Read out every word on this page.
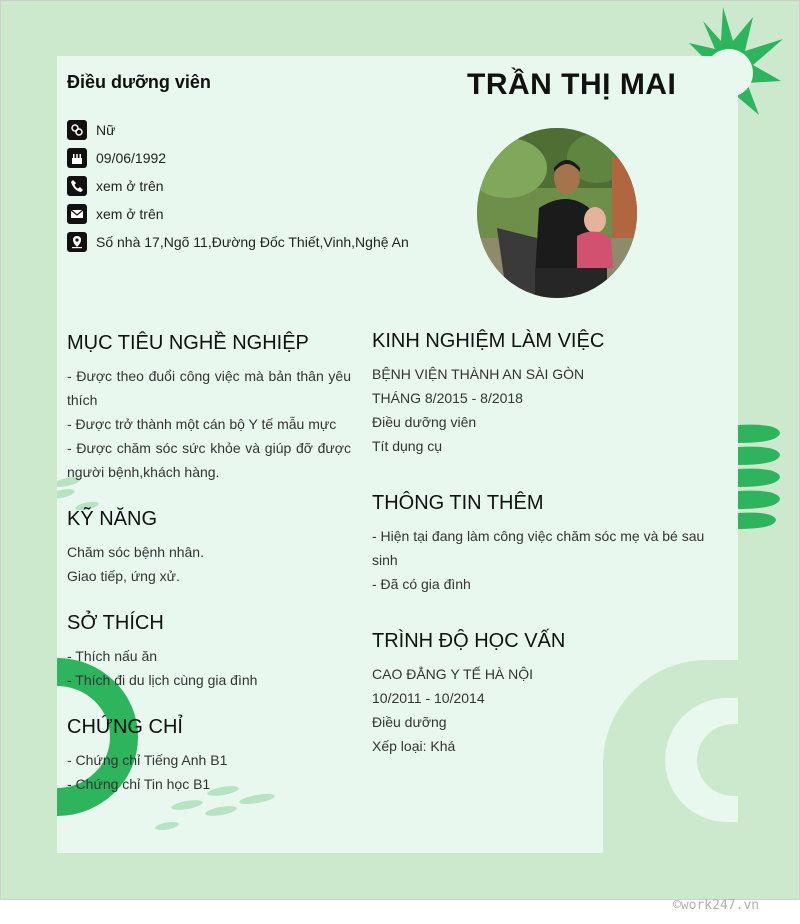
Điều dưỡng viên	TRẦN THỊ MAI
Nữ
09/06/1992
xem ở trên
xem ở trên
Số nhà 17,Ngõ 11,Đường Đốc Thiết,Vinh,Nghệ An
MỤC TIÊU NGHỀ NGHIỆP
- Được theo đuổi công việc mà bản thân yêu thích
- Được trở thành một cán bộ Y tế mẫu mực
- Được chăm sóc sức khỏe và giúp đỡ được người bệnh,khách hàng.
KỸ NĂNG
Chăm sóc bệnh nhân.
Giao tiếp, ứng xử.
SỞ THÍCH
- Thích nấu ăn
- Thích đi du lịch cùng gia đình
CHỨNG CHỈ
- Chứng chỉ Tiếng Anh B1
- Chứng chỉ Tin học B1
KINH NGHIỆM LÀM VIỆC
BỆNH VIỆN THÀNH AN SÀI GÒN
THÁNG 8/2015 - 8/2018
Điều dưỡng viên
Tít dụng cụ
THÔNG TIN THÊM
- Hiện tại đang làm công việc chăm sóc mẹ và bé sau sinh
- Đã có gia đình
TRÌNH ĐỘ HỌC VẤN
CAO ĐẲNG Y TẾ HÀ NỘI
10/2011 - 10/2014
Điều dưỡng
Xếp loại: Khá
©work247.vn
